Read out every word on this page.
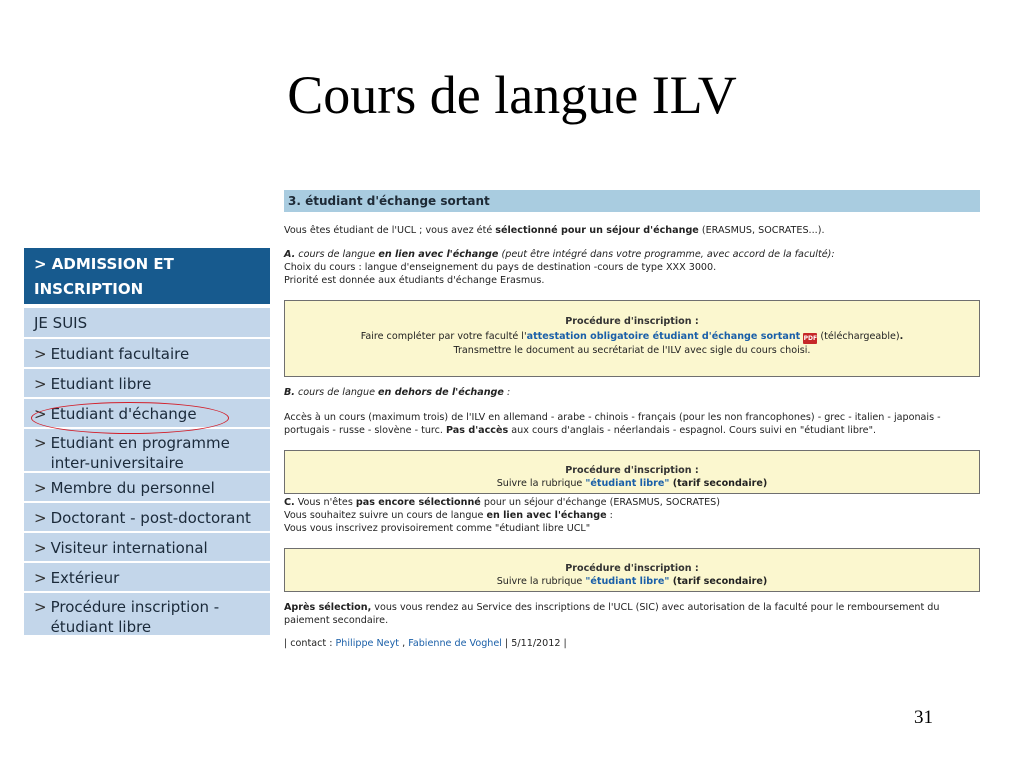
Cours de langue ILV
> ADMISSION ET
INSCRIPTION
JE SUIS
> Etudiant facultaire
> Etudiant libre
> Etudiant d'échange
> Etudiant en programme inter-universitaire
> Membre du personnel
> Doctorant - post-doctorant
> Visiteur international
> Extérieur
> Procédure inscription - étudiant libre
3. étudiant d'échange sortant

Vous êtes étudiant de l'UCL ; vous avez été sélectionné pour un séjour d'échange (ERASMUS, SOCRATES...).

A. cours de langue en lien avec l'échange (peut être intégré dans votre programme, avec accord de la faculté):

Choix du cours : langue d'enseignement du pays de destination -cours de type XXX 3000.

Priorité est donnée aux étudiants d'échange Erasmus.

Procédure d'inscription :

Faire compléter par votre faculté l'attestation obligatoire étudiant d'échange sortant PDF (téléchargeable).

Transmettre le document au secrétariat de l'ILV avec sigle du cours choisi.

B. cours de langue en dehors de l'échange :

Accès à un cours (maximum trois) de l'ILV en allemand - arabe - chinois - français (pour les non francophones) - grec - italien - japonais - portugais - russe - slovène - turc. Pas d'accès aux cours d'anglais - néerlandais - espagnol. Cours suivi en "étudiant libre".

Procédure d'inscription :

Suivre la rubrique "étudiant libre" (tarif secondaire)

C. Vous n'êtes pas encore sélectionné pour un séjour d'échange (ERASMUS, SOCRATES)

Vous souhaitez suivre un cours de langue en lien avec l'échange :

Vous vous inscrivez provisoirement comme "étudiant libre UCL"

Procédure d'inscription :

Suivre la rubrique "étudiant libre" (tarif secondaire)

Après sélection, vous vous rendez au Service des inscriptions de l'UCL (SIC) avec autorisation de la faculté pour le remboursement du paiement secondaire.

| contact : Philippe Neyt , Fabienne de Voghel | 5/11/2012 |

31
